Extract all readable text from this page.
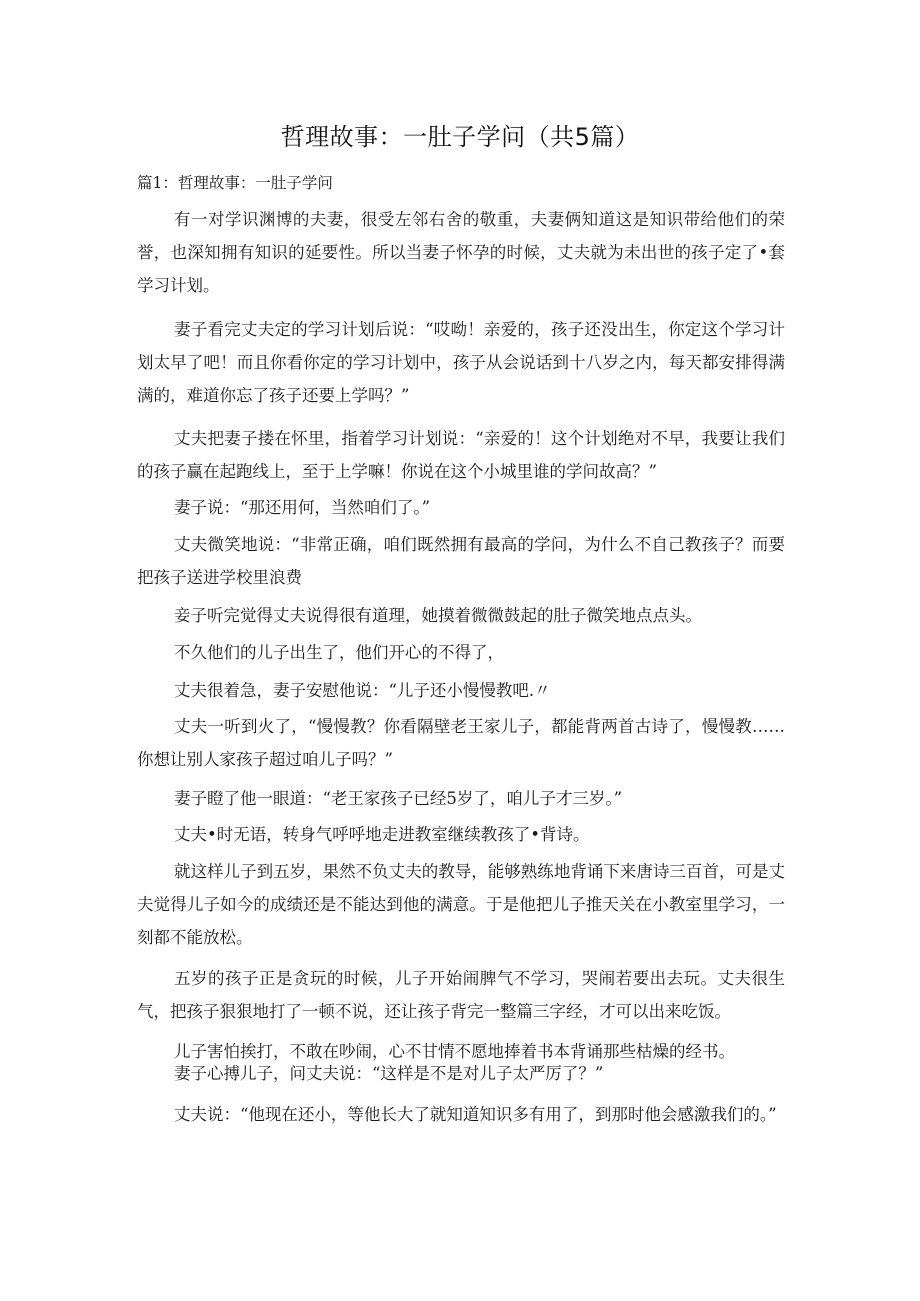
哲理故事：一肚子学问（共5篇）
篇1：哲理故事：一肚子学问

有一对学识渊博的夫妻，很受左邻右舍的敬重，夫妻俩知道这是知识带给他们的荣誉，也深知拥有知识的延要性。所以当妻子怀孕的时候，丈夫就为未出世的孩子定了•套学习计划。

妻子看完丈夫定的学习计划后说：“哎呦！亲爱的，孩子还没出生，你定这个学习计划太早了吧！而且你看你定的学习计划中，孩子从会说话到十八岁之内，每天都安排得满满的，难道你忘了孩子还要上学吗？”

丈夫把妻子搂在怀里，指着学习计划说：“亲爱的！这个计划绝对不早，我要让我们的孩子赢在起跑线上，至于上学嘛！你说在这个小城里谁的学问故高？”

妻子说：“那还用何，当然咱们了。”

丈夫微笑地说：“非常正确，咱们既然拥有最高的学问，为什么不自己教孩子？而要把孩子送进学校里浪费

妾子听完觉得丈夫说得很有道理，她摸着微微鼓起的肚子微笑地点点头。

不久他们的儿子出生了，他们开心的不得了，

丈夫很着急，妻子安慰他说：“儿子还小慢慢教吧.〃

丈夫一听到火了，“慢慢教？你看隔壁老王家儿子，都能背两首古诗了，慢慢教……你想让别人家孩子超过咱儿子吗？”

妻子瞪了他一眼道：“老王家孩子已经5岁了，咱儿子才三岁。”

丈夫•时无语，转身气呼呼地走进教室继续教孩了•背诗。

就这样儿子到五岁，果然不负丈夫的教导，能够熟练地背诵下来唐诗三百首，可是丈夫觉得儿子如今的成绩还是不能达到他的满意。于是他把儿子推天关在小教室里学习，一刻都不能放松。

五岁的孩子正是贪玩的时候，儿子开始闹脾气不学习，哭闹若要出去玩。丈夫很生气，把孩子狠狠地打了一顿不说，还让孩子背完一整篇三字经，才可以出来吃饭。

儿子害怕挨打，不敢在吵闹，心不甘情不愿地捧着书本背诵那些枯燥的经书。

妻子心搏儿子，问丈夫说：“这样是不是对儿子太严厉了？”

丈夫说：“他现在还小，等他长大了就知道知识多有用了，到那时他会感激我们的。”
